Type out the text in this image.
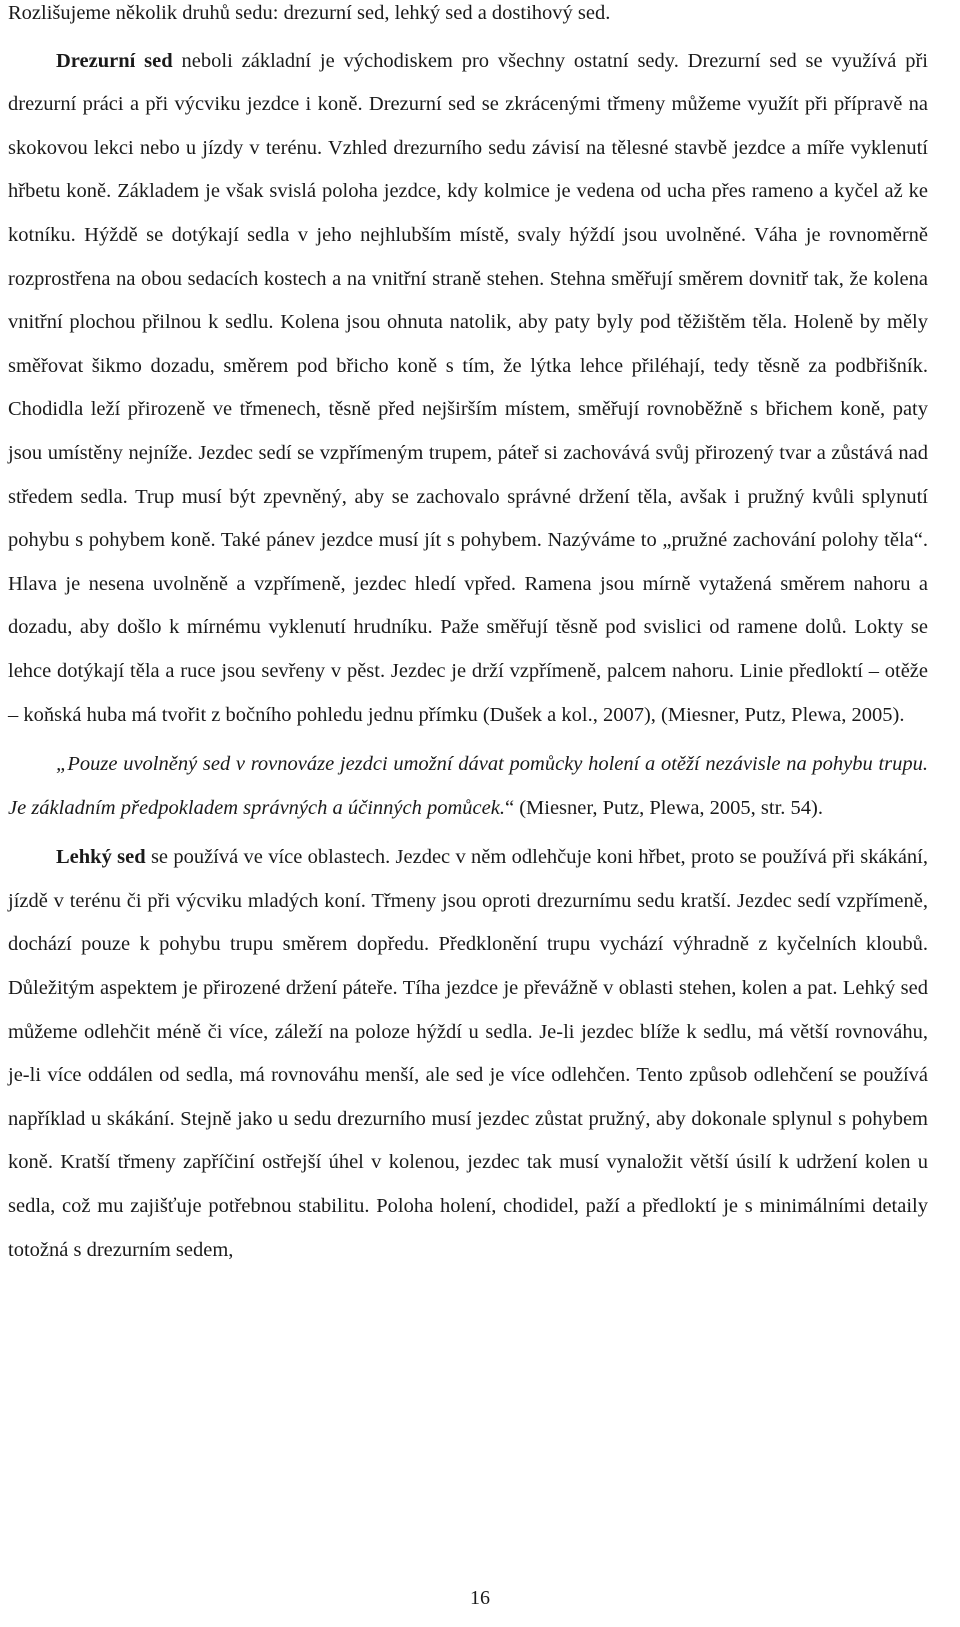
Rozlišujeme několik druhů sedu: drezurní sed, lehký sed a dostihový sed.

Drezurní sed neboli základní je východiskem pro všechny ostatní sedy. Drezurní sed se využívá při drezurní práci a při výcviku jezdce i koně. Drezurní sed se zkrácenými třmeny můžeme využít při přípravě na skokovou lekci nebo u jízdy v terénu. Vzhled drezurního sedu závisí na tělesné stavbě jezdce a míře vyklenutí hřbetu koně. Základem je však svislá poloha jezdce, kdy kolmice je vedena od ucha přes rameno a kyčel až ke kotníku. Hýždě se dotýkají sedla v jeho nejhlubším místě, svaly hýždí jsou uvolněné. Váha je rovnoměrně rozprostřena na obou sedacích kostech a na vnitřní straně stehen. Stehna směřují směrem dovnitř tak, že kolena vnitřní plochou přilnou k sedlu. Kolena jsou ohnuta natolik, aby paty byly pod těžištěm těla. Holeně by měly směřovat šikmo dozadu, směrem pod břicho koně s tím, že lýtka lehce přiléhají, tedy těsně za podbřišník. Chodidla leží přirozeně ve třmenech, těsně před nejširším místem, směřují rovnoběžně s břichem koně, paty jsou umístěny nejníže. Jezdec sedí se vzpřímeným trupem, páteř si zachovává svůj přirozený tvar a zůstává nad středem sedla. Trup musí být zpevněný, aby se zachovalo správné držení těla, avšak i pružný kvůli splynutí pohybu s pohybem koně. Také pánev jezdce musí jít s pohybem. Nazýváme to „pružné zachování polohy těla“. Hlava je nesena uvolněně a vzpřímeně, jezdec hledí vpřed. Ramena jsou mírně vytažená směrem nahoru a dozadu, aby došlo k mírnému vyklenutí hrudníku. Paže směřují těsně pod svislici od ramene dolů. Lokty se lehce dotýkají těla a ruce jsou sevřeny v pěst. Jezdec je drží vzpřímeně, palcem nahoru. Linie předloktí – otěže – koňská huba má tvořit z bočního pohledu jednu přímku (Dušek a kol., 2007), (Miesner, Putz, Plewa, 2005).

„Pouze uvolněný sed v rovnováze jezdci umožní dávat pomůcky holení a otěží nezávisle na pohybu trupu. Je základním předpokladem správných a účinných pomůcek.“ (Miesner, Putz, Plewa, 2005, str. 54).

Lehký sed se používá ve více oblastech. Jezdec v něm odlehčuje koni hřbet, proto se používá při skákání, jízdě v terénu či při výcviku mladých koní. Třmeny jsou oproti drezurnímu sedu kratší. Jezdec sedí vzpřímeně, dochází pouze k pohybu trupu směrem dopředu. Předklonění trupu vychází výhradně z kyčelních kloubů. Důležitým aspektem je přirozené držení páteře. Tíha jezdce je převážně v oblasti stehen, kolen a pat. Lehký sed můžeme odlehčit méně či více, záleží na poloze hýždí u sedla. Je-li jezdec blíže k sedlu, má větší rovnováhu, je-li více oddálen od sedla, má rovnováhu menší, ale sed je více odlehčen. Tento způsob odlehčení se používá například u skákání. Stejně jako u sedu drezurního musí jezdec zůstat pružný, aby dokonale splynul s pohybem koně. Kratší třmeny zapříčiní ostřejší úhel v kolenou, jezdec tak musí vynaložit větší úsilí k udržení kolen u sedla, což mu zajišťuje potřebnou stabilitu. Poloha holení, chodidel, paží a předloktí je s minimálními detaily totožná s drezurním sedem,

16
